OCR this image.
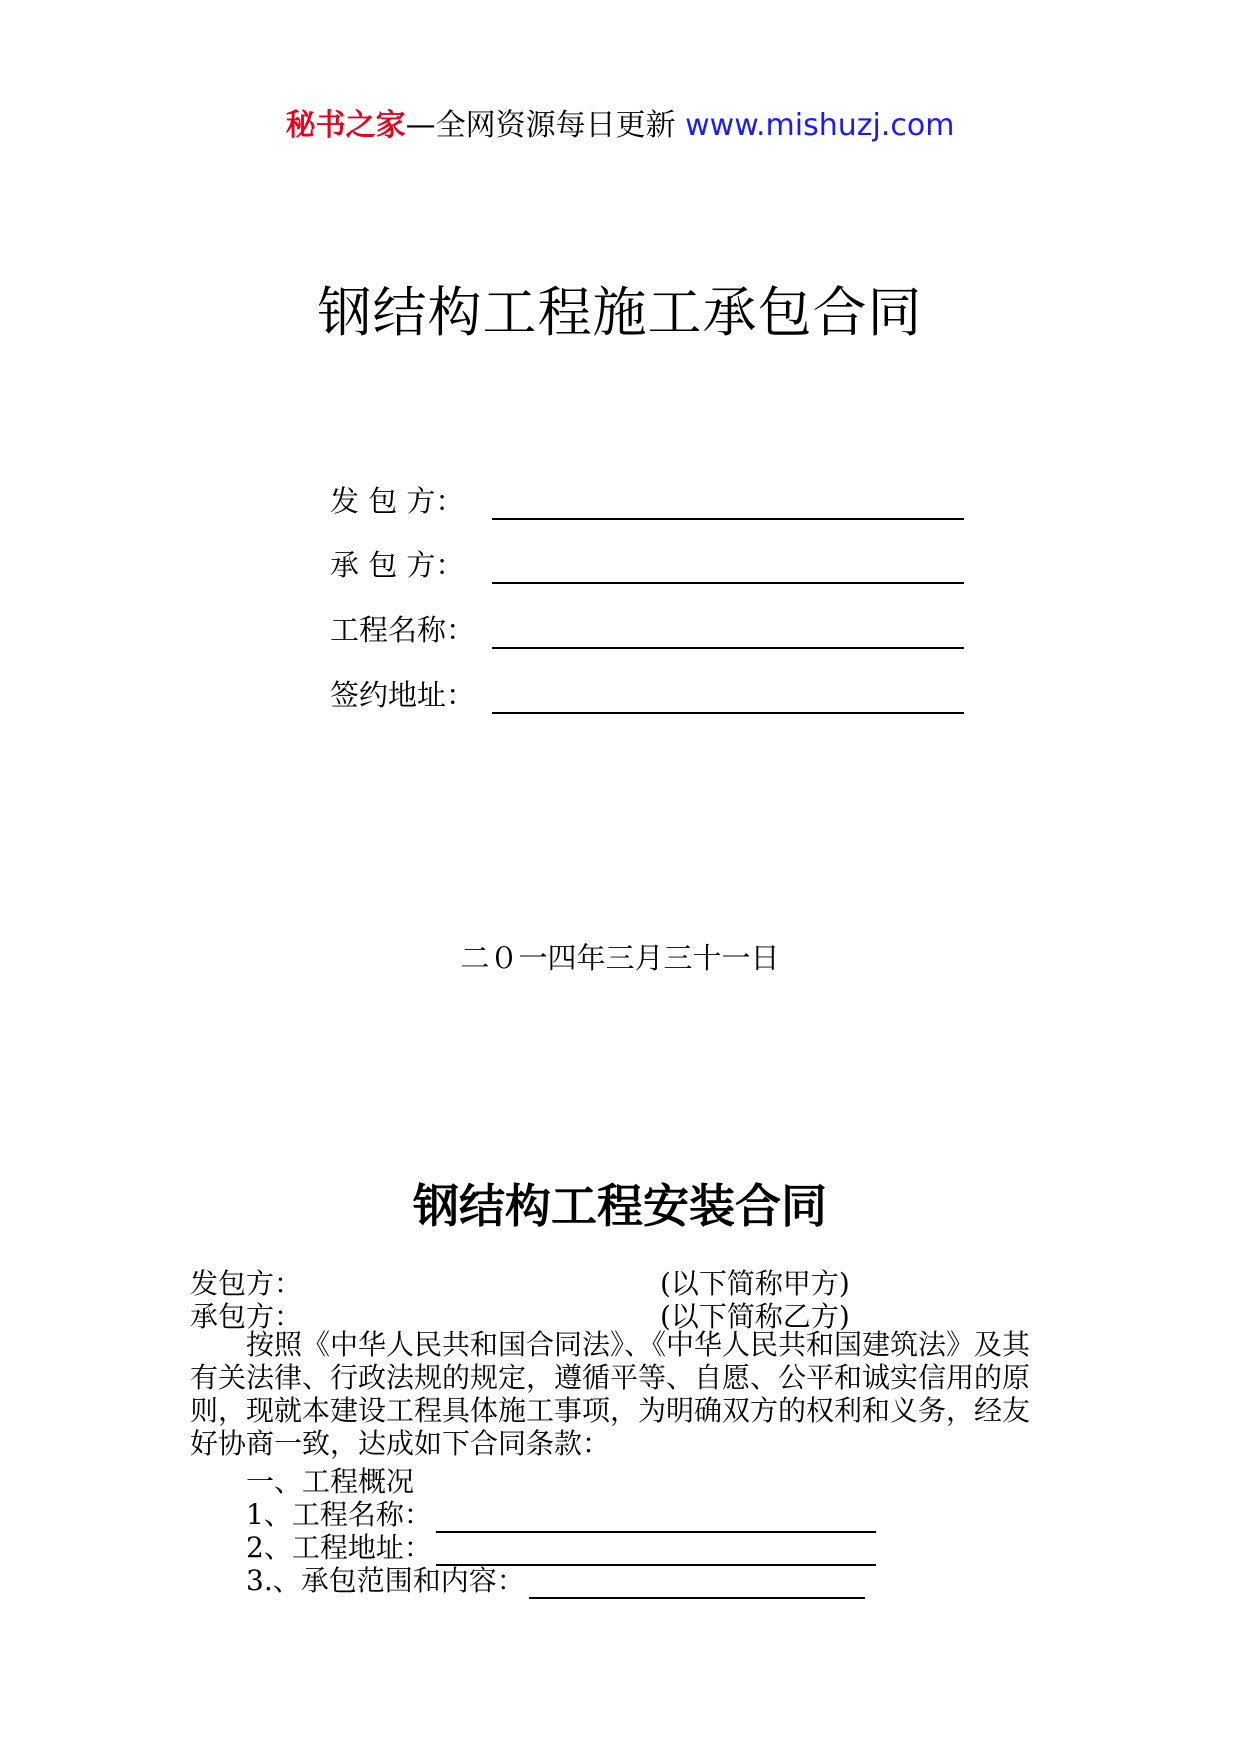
秘书之家—全网资源每日更新 www.mishuzj.com
钢结构工程施工承包合同
发 包 方：
承 包 方：
工程名称：
签约地址：
二０一四年三月三十一日
钢结构工程安装合同
发包方：	(以下简称甲方)
承包方：	(以下简称乙方)
按照《中华人民共和国合同法》、《中华人民共和国建筑法》及其有关法律、行政法规的规定，遵循平等、自愿、公平和诚实信用的原则，现就本建设工程具体施工事项，为明确双方的权利和义务，经友好协商一致，达成如下合同条款：
一、工程概况
1、工程名称：
2、工程地址：
3.、承包范围和内容：
